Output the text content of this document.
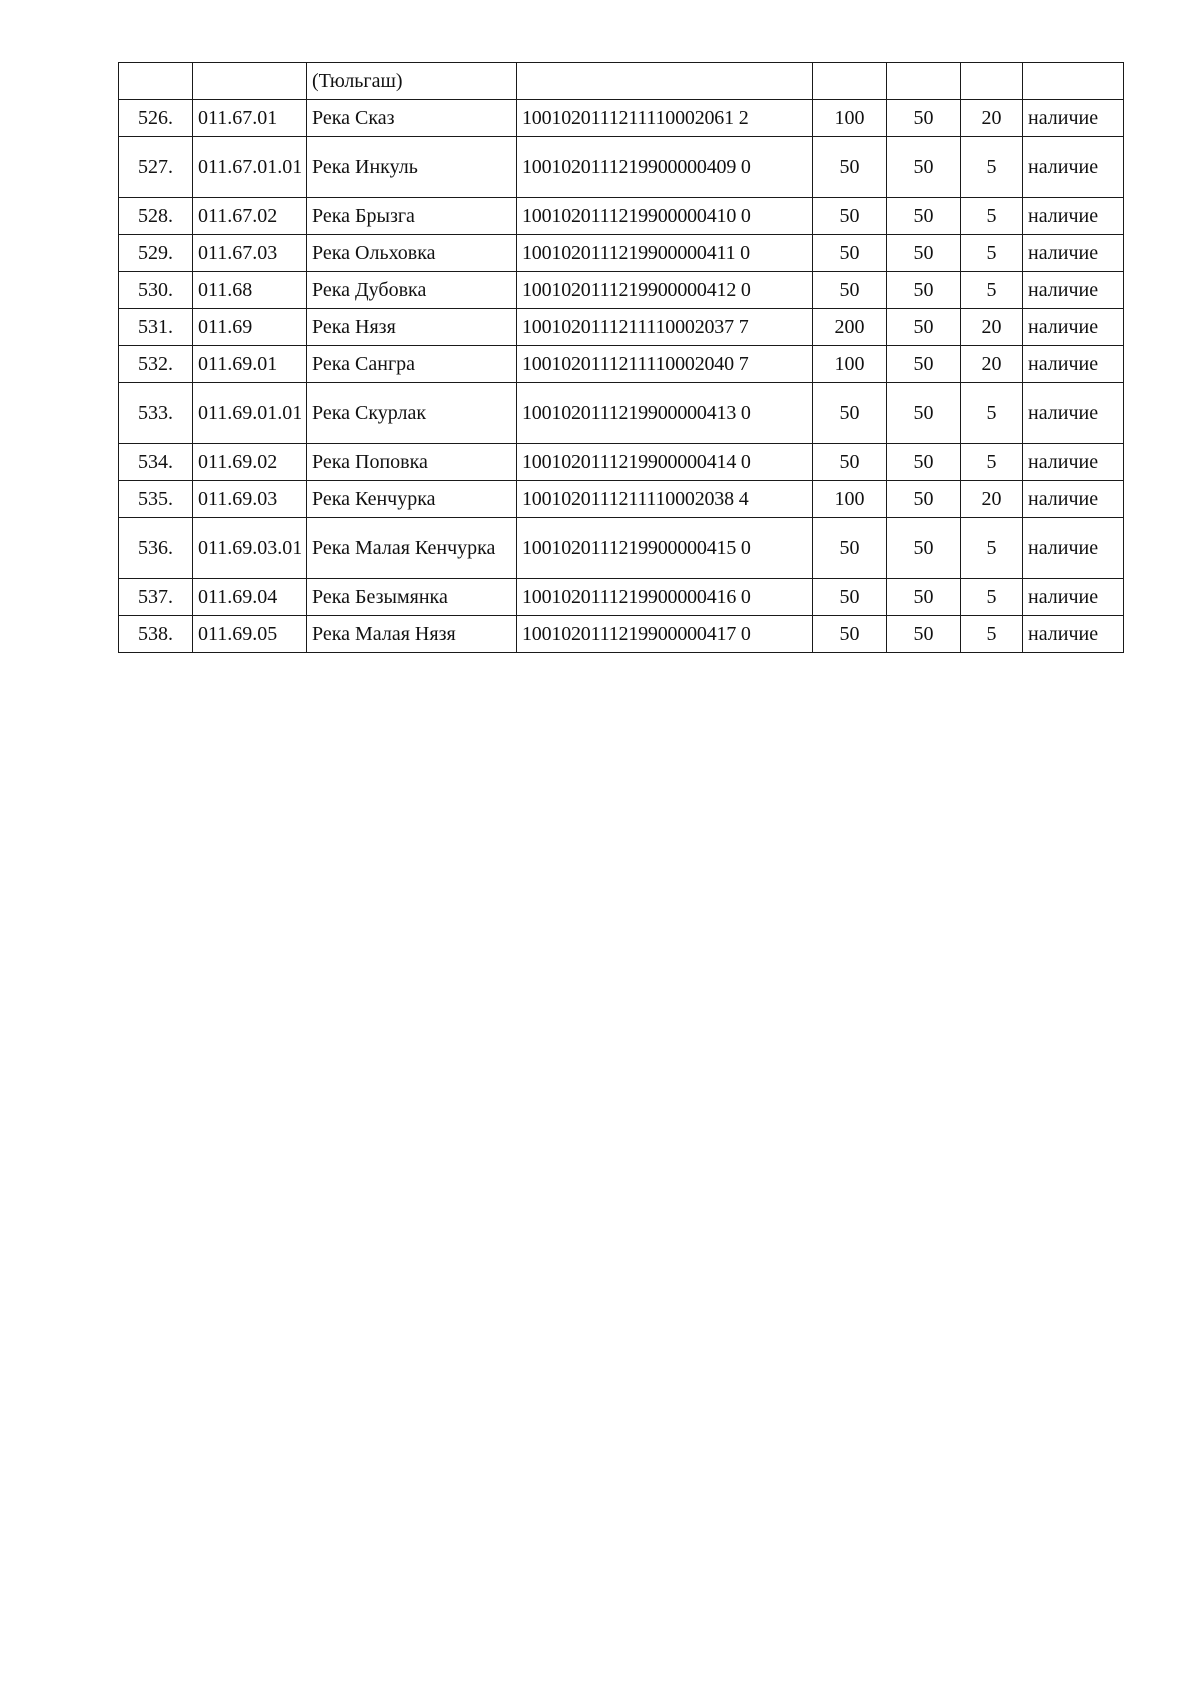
		(Тюльгаш)					
526.	011.67.01	Река Сказ	1001020111211110002061 2	100	50	20	наличие
527.	011.67.01.01	Река Инкуль	1001020111219900000409 0	50	50	5	наличие
528.	011.67.02	Река Брызга	1001020111219900000410 0	50	50	5	наличие
529.	011.67.03	Река Ольховка	1001020111219900000411 0	50	50	5	наличие
530.	011.68	Река Дубовка	1001020111219900000412 0	50	50	5	наличие
531.	011.69	Река Нязя	1001020111211110002037 7	200	50	20	наличие
532.	011.69.01	Река Сангра	1001020111211110002040 7	100	50	20	наличие
533.	011.69.01.01	Река Скурлак	1001020111219900000413 0	50	50	5	наличие
534.	011.69.02	Река Поповка	1001020111219900000414 0	50	50	5	наличие
535.	011.69.03	Река Кенчурка	1001020111211110002038 4	100	50	20	наличие
536.	011.69.03.01	Река Малая Кенчурка	1001020111219900000415 0	50	50	5	наличие
537.	011.69.04	Река Безымянка	1001020111219900000416 0	50	50	5	наличие
538.	011.69.05	Река Малая Нязя	1001020111219900000417 0	50	50	5	наличие
